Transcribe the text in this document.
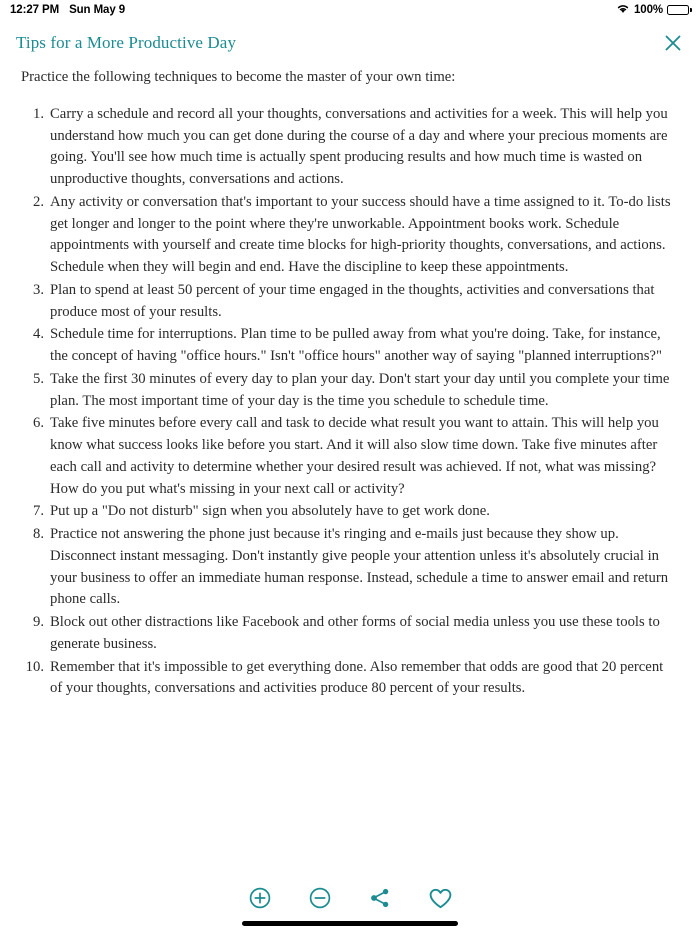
12:27 PM Sun May 9	100%
Tips for a More Productive Day

Practice the following techniques to become the master of your own time:

Carry a schedule and record all your thoughts, conversations and activities for a week. This will help you understand how much you can get done during the course of a day and where your precious moments are going. You'll see how much time is actually spent producing results and how much time is wasted on unproductive thoughts, conversations and actions.
Any activity or conversation that's important to your success should have a time assigned to it. To-do lists get longer and longer to the point where they're unworkable. Appointment books work. Schedule appointments with yourself and create time blocks for high-priority thoughts, conversations, and actions. Schedule when they will begin and end. Have the discipline to keep these appointments.
Plan to spend at least 50 percent of your time engaged in the thoughts, activities and conversations that produce most of your results.
Schedule time for interruptions. Plan time to be pulled away from what you're doing. Take, for instance, the concept of having "office hours." Isn't "office hours" another way of saying "planned interruptions?"
Take the first 30 minutes of every day to plan your day. Don't start your day until you complete your time plan. The most important time of your day is the time you schedule to schedule time.
Take five minutes before every call and task to decide what result you want to attain. This will help you know what success looks like before you start. And it will also slow time down. Take five minutes after each call and activity to determine whether your desired result was achieved. If not, what was missing? How do you put what's missing in your next call or activity?
Put up a "Do not disturb" sign when you absolutely have to get work done.
Practice not answering the phone just because it's ringing and e-mails just because they show up. Disconnect instant messaging. Don't instantly give people your attention unless it's absolutely crucial in your business to offer an immediate human response. Instead, schedule a time to answer email and return phone calls.
Block out other distractions like Facebook and other forms of social media unless you use these tools to generate business.
Remember that it's impossible to get everything done. Also remember that odds are good that 20 percent of your thoughts, conversations and activities produce 80 percent of your results.
